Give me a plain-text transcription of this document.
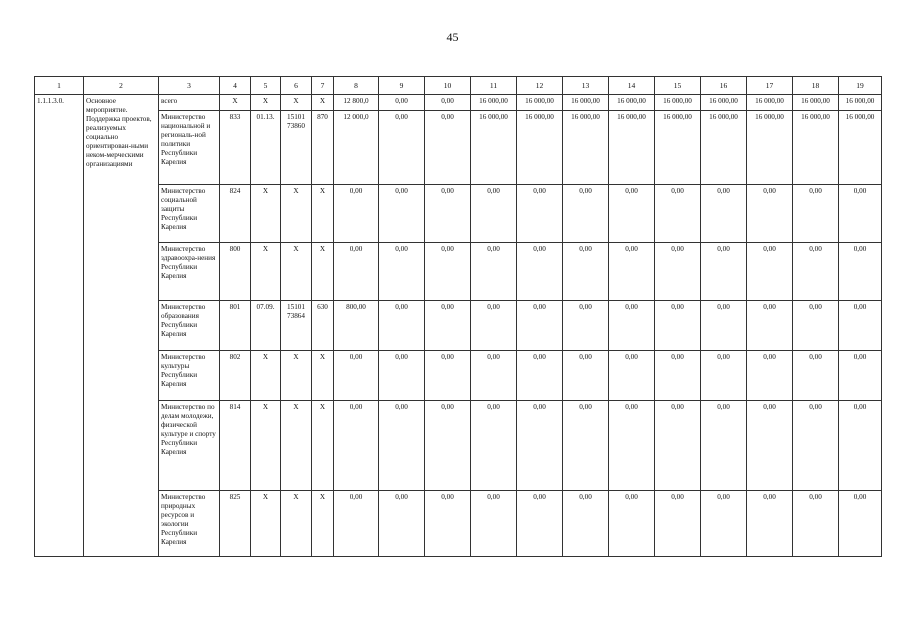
45
1	2	3	4	5	6	7	8	9	10	11	12	13	14	15	16	17	18	19
1.1.1.3.0.	Основное мероприятие. Поддержка проектов, реализуемых социально ориентирован-ными неком-мерческими организациями	всего	X	X	X	X	12 800,0	0,00	0,00	16 000,00	16 000,00	16 000,00	16 000,00	16 000,00	16 000,00	16 000,00	16 000,00	16 000,00
		Министерство национальной и региональ-ной политики Республики Карелия	833	01.13.	15101 73860	870	12 000,0	0,00	0,00	16 000,00	16 000,00	16 000,00	16 000,00	16 000,00	16 000,00	16 000,00	16 000,00	16 000,00
		Министерство социальной защиты Республики Карелия	824	X	X	X	0,00	0,00	0,00	0,00	0,00	0,00	0,00	0,00	0,00	0,00	0,00	0,00
		Министерство здравоохра-нения Республики Карелия	800	X	X	X	0,00	0,00	0,00	0,00	0,00	0,00	0,00	0,00	0,00	0,00	0,00	0,00
		Министерство образования Республики Карелия	801	07.09.	15101 73864	630	800,00	0,00	0,00	0,00	0,00	0,00	0,00	0,00	0,00	0,00	0,00	0,00
		Министерство культуры Республики Карелия	802	X	X	X	0,00	0,00	0,00	0,00	0,00	0,00	0,00	0,00	0,00	0,00	0,00	0,00
		Министерство по делам молодежи, физической культуре и спорту Республики Карелия	814	X	X	X	0,00	0,00	0,00	0,00	0,00	0,00	0,00	0,00	0,00	0,00	0,00	0,00
		Министерство природных ресурсов и экологии Республики Карелия	825	X	X	X	0,00	0,00	0,00	0,00	0,00	0,00	0,00	0,00	0,00	0,00	0,00	0,00
